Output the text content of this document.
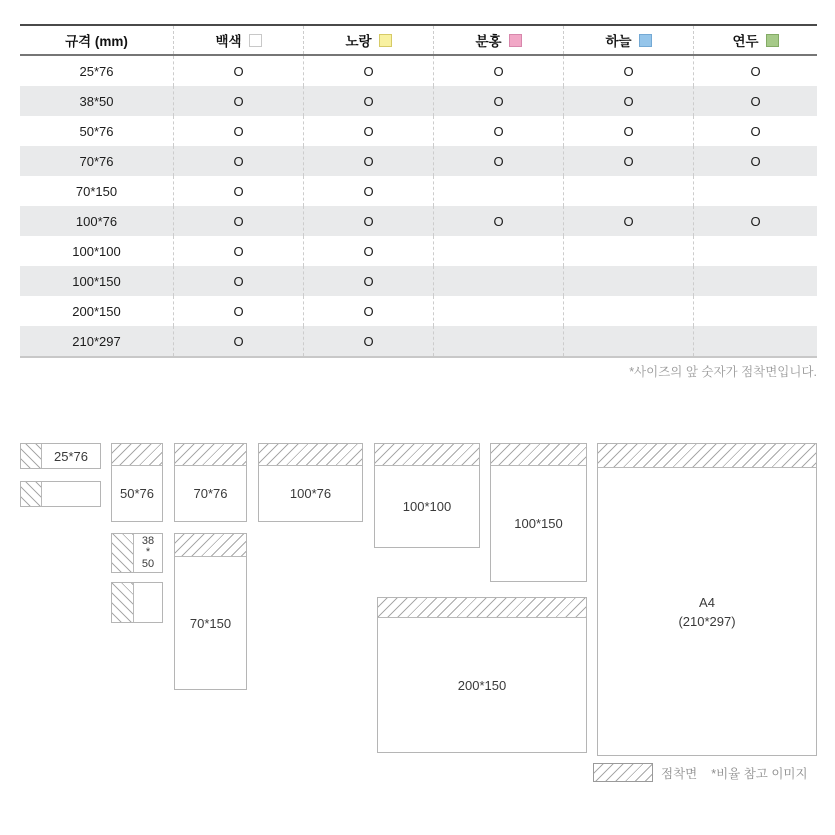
규격 (mm)	백색	노랑	분홍	하늘	연두
25*76	O	O	O	O	O
38*50	O	O	O	O	O
50*76	O	O	O	O	O
70*76	O	O	O	O	O
70*150	O	O
100*76	O	O	O	O	O
100*100	O	O
100*150	O	O
200*150	O	O
210*297	O	O
*사이즈의 앞 숫자가 점착면입니다.
25*76
50*76	70*76	100*76
100*100
100*150
38
*
50
70*150
200*150
A4
(210*297)
점착면 *비율 참고 이미지
